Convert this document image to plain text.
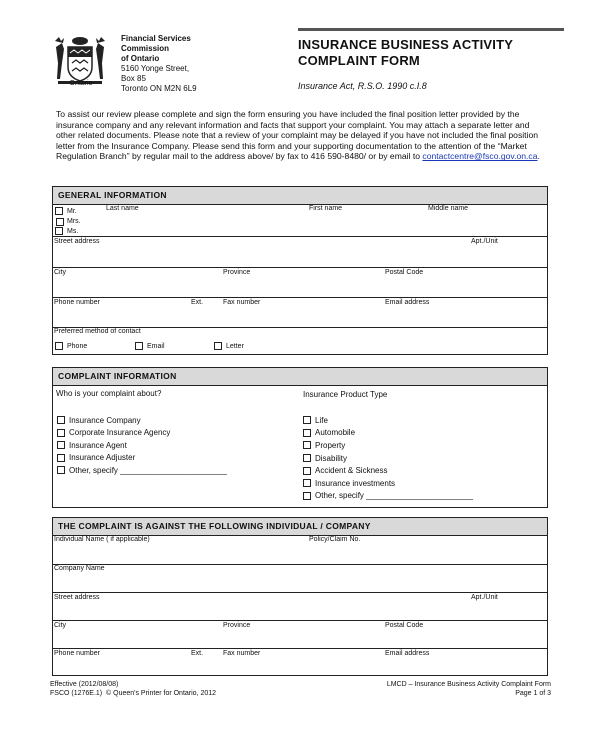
Ontario
Financial Services
Commission
of Ontario
5160 Yonge Street,
Box 85
Toronto ON M2N 6L9
INSURANCE BUSINESS ACTIVITY
COMPLAINT FORM
Insurance Act, R.S.O. 1990 c.I.8
To assist our review please complete and sign the form ensuring you have included the final position letter provided by the insurance company and any relevant information and facts that support your complaint. You may attach a separate letter and other related documents. Please note that a review of your complaint may be delayed if you have not included the final position letter from the Insurance Company. Please send this form and your supporting documentation to the attention of the “Market Regulation Branch” by regular mail to the address above/ by fax to 416 590-8480/ or by email to contactcentre@fsco.gov.on.ca.
GENERAL INFORMATION
Mr.
Mrs.
Ms.
Last name	First name	Middle name
Street address	Apt./Unit
City	Province	Postal Code
Phone number	Ext.	Fax number	Email address
Preferred method of contact
Phone	Email	Letter
COMPLAINT INFORMATION
Who is your complaint about?
Insurance Company
Corporate Insurance Agency
Insurance Agent
Insurance Adjuster
Other, specify ________________________
Insurance Product Type
Life
Automobile
Property
Disability
Accident & Sickness
Insurance investments
Other, specify ________________________
THE COMPLAINT IS AGAINST THE FOLLOWING INDIVIDUAL / COMPANY
Individual Name ( if applicable)	Policy/Claim No.
Company Name
Street address	Apt./Unit
City	Province	Postal Code
Phone number	Ext.	Fax number	Email address
Effective (2012/08/08)
FSCO (1276E.1) © Queen's Printer for Ontario, 2012
LMCD – Insurance Business Activity Complaint Form
Page 1 of 3
